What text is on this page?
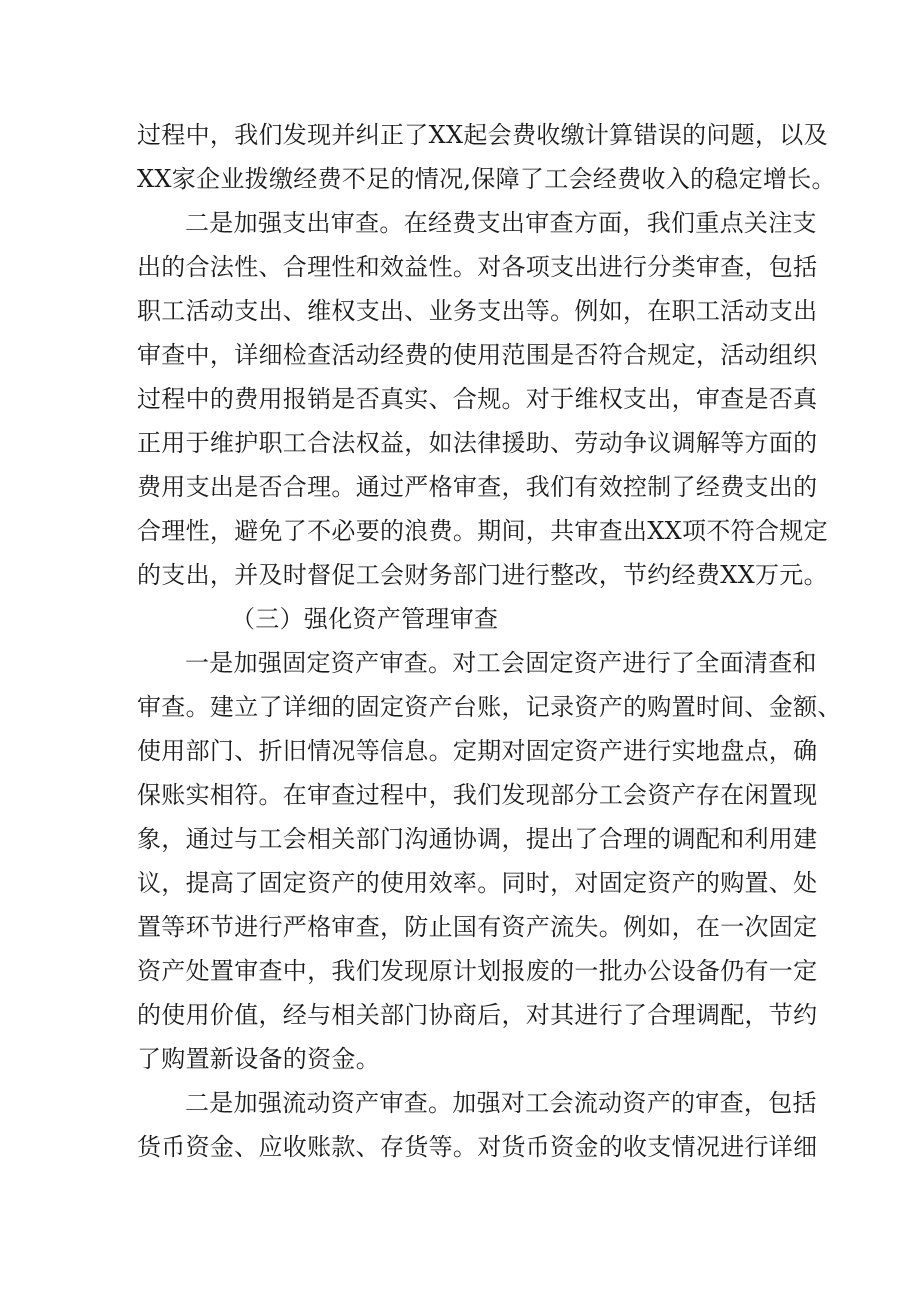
过程中，我们发现并纠正了XX起会费收缴计算错误的问题，以及
XX家企业拨缴经费不足的情况,保障了工会经费收入的稳定增长。
二是加强支出审查。在经费支出审查方面，我们重点关注支
出的合法性、合理性和效益性。对各项支出进行分类审查，包括
职工活动支出、维权支出、业务支出等。例如，在职工活动支出
审查中，详细检查活动经费的使用范围是否符合规定，活动组织
过程中的费用报销是否真实、合规。对于维权支出，审查是否真
正用于维护职工合法权益，如法律援助、劳动争议调解等方面的
费用支出是否合理。通过严格审查，我们有效控制了经费支出的
合理性，避免了不必要的浪费。期间，共审查出XX项不符合规定
的支出，并及时督促工会财务部门进行整改，节约经费XX万元。
（三）强化资产管理审查
一是加强固定资产审查。对工会固定资产进行了全面清查和
审查。建立了详细的固定资产台账，记录资产的购置时间、金额、
使用部门、折旧情况等信息。定期对固定资产进行实地盘点，确
保账实相符。在审查过程中，我们发现部分工会资产存在闲置现
象，通过与工会相关部门沟通协调，提出了合理的调配和利用建
议，提高了固定资产的使用效率。同时，对固定资产的购置、处
置等环节进行严格审查，防止国有资产流失。例如，在一次固定
资产处置审查中，我们发现原计划报废的一批办公设备仍有一定
的使用价值，经与相关部门协商后，对其进行了合理调配，节约
了购置新设备的资金。
二是加强流动资产审查。加强对工会流动资产的审查，包括
货币资金、应收账款、存货等。对货币资金的收支情况进行详细
